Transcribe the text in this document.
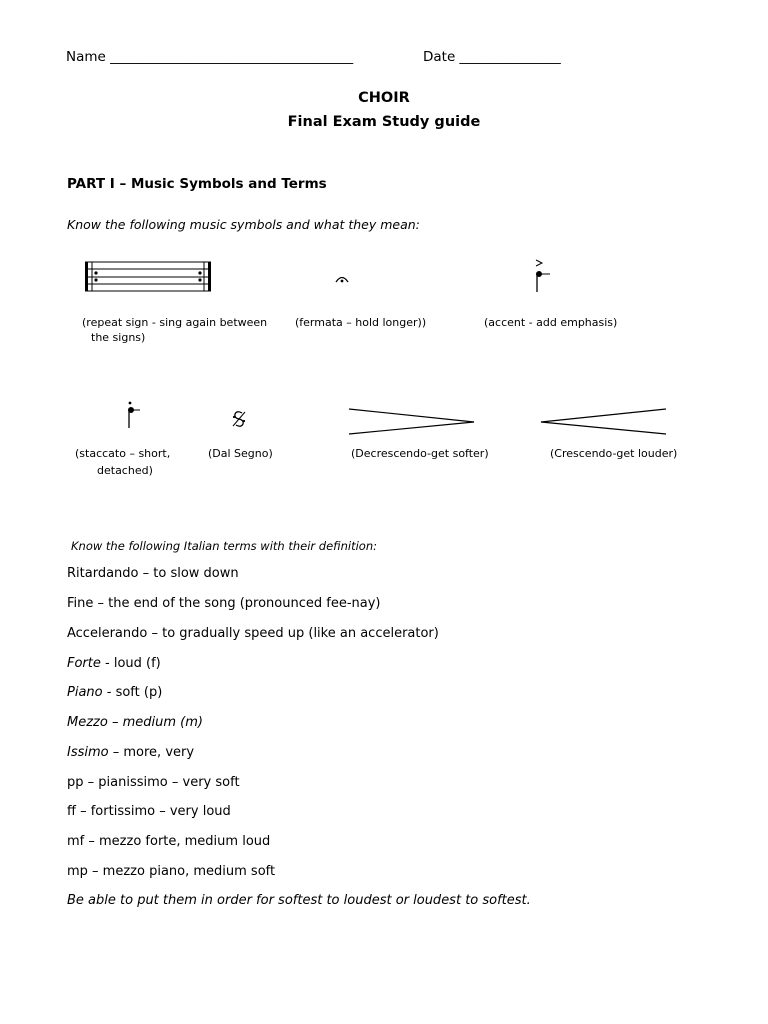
Name ____________________________________	Date _______________
CHOIR
Final Exam Study guide
PART I – Music Symbols and Terms
Know the following music symbols and what they mean:
(repeat sign - sing again between
the signs)
(fermata – hold longer))	(accent - add emphasis)
(staccato – short,
detached)
(Dal Segno)	(Decrescendo-get softer)	(Crescendo-get louder)
Know the following Italian terms with their definition:
Ritardando – to slow down
Fine – the end of the song (pronounced fee-nay)
Accelerando – to gradually speed up (like an accelerator)
Forte - loud (f)
Piano - soft (p)
Mezzo – medium (m)
Issimo – more, very
pp – pianissimo – very soft
ff – fortissimo – very loud
mf – mezzo forte, medium loud
mp – mezzo piano, medium soft
Be able to put them in order for softest to loudest or loudest to softest.
